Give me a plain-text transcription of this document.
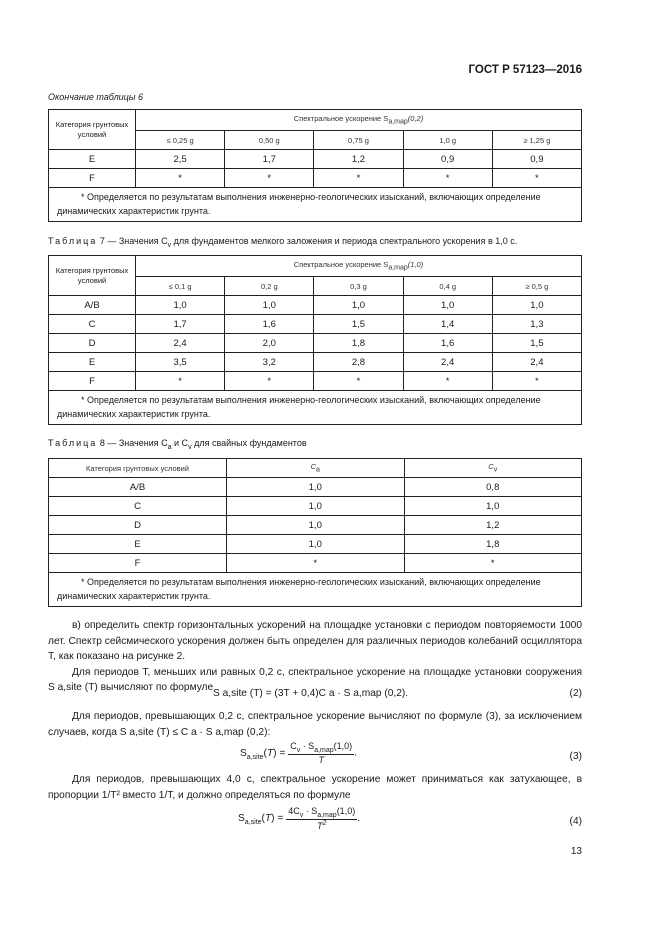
ГОСТ Р 57123—2016
Окончание таблицы 6
Категория грунтовых условий	Спектральное ускорение $S_{a,map}(0,2)$				
	≤ 0,25 g	0,50 g	0,75 g	1,0 g	≥ 1,25 g
E	2,5	1,7	1,2	0,9	0,9
F	*	*	*	*	*
* Определяется по результатам выполнения инженерно-геологических изысканий, включающих определение динамических характеристик грунта.					
Таблица 7 — Значения $C_v$ для фундаментов мелкого заложения и периода спектрального ускорения в 1,0 с.
Категория грунтовых условий	Спектральное ускорение $S_{a,map}(1,0)$				
	≤ 0,1 g	0,2 g	0,3 g	0,4 g	≥ 0,5 g
A/B	1,0	1,0	1,0	1,0	1,0
C	1,7	1,6	1,5	1,4	1,3
D	2,4	2,0	1,8	1,6	1,5
E	3,5	3,2	2,8	2,4	2,4
F	*	*	*	*	*
* Определяется по результатам выполнения инженерно-геологических изысканий, включающих определение динамических характеристик грунта.					
Таблица 8 — Значения $C_a$ и $C_v$ для свайных фундаментов
Категория грунтовых условий	$C_a$	$C_v$
A/B	1,0	0,8
C	1,0	1,0
D	1,0	1,2
E	1,0	1,8
F	*	*
* Определяется по результатам выполнения инженерно-геологических изысканий, включающих определение динамических характеристик грунта.		

в) определить спектр горизонтальных ускорений на площадке установки с периодом повторяемости 1000 лет. Спектр сейсмического ускорения должен быть определен для различных периодов колебаний осциллятора T, как показано на рисунке 2.

Для периодов T, меньших или равных 0,2 с, спектральное ускорение на площадке установки сооружения S a,site (T) вычисляют по формуле

S a,site (T) = (3T + 0,4)C a · S a,map (0,2).	(2)

Для периодов, превышающих 0,2 с, спектральное ускорение вычисляют по формуле (3), за исключением случаев, когда S a,site (T) ≤ C a · S a,map (0,2):

$S_{a,site}(T) = \frac{C_v \cdot S_{a,map}(1,0)}{T}$ .	(3)

Для периодов, превышающих 4,0 с, спектральное ускорение может приниматься как затухающее, в пропорции 1/T² вместо 1/T, и должно определяться по формуле

$S_{a,site}(T) = \frac{4C_v \cdot S_{a,map}(1,0)}{T^2}$ .	(4)
13
